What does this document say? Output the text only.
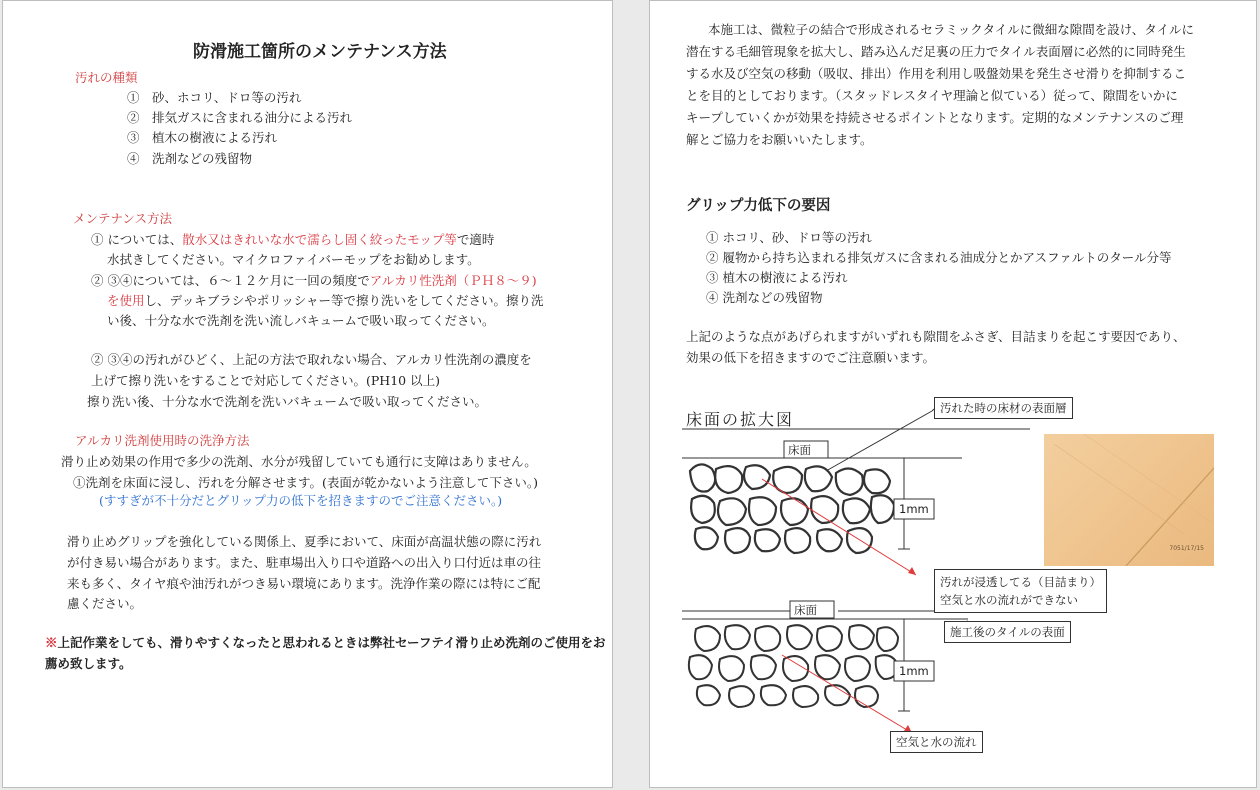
防滑施工箇所のメンテナンス方法
汚れの種類
①　砂、ホコリ、ドロ等の汚れ
②　排気ガスに含まれる油分による汚れ
③　植木の樹液による汚れ
④　洗剤などの残留物
メンテナンス方法
① については、散水又はきれいな水で濡らし固く絞ったモップ等で適時
水拭きしてください。マイクロファイバーモップをお勧めします。
② ③④については、６～１２ケ月に一回の頻度でアルカリ性洗剤（ＰＨ８～９)
を使用し、デッキブラシやポリッシャー等で擦り洗いをしてください。擦り洗
い後、十分な水で洗剤を洗い流しバキュームで吸い取ってください。
② ③④の汚れがひどく、上記の方法で取れない場合、アルカリ性洗剤の濃度を
上げて擦り洗いをすることで対応してください。(PH10 以上)
擦り洗い後、十分な水で洗剤を洗いバキュームで吸い取ってください。
アルカリ洗剤使用時の洗浄方法
滑り止め効果の作用で多少の洗剤、水分が残留していても通行に支障はありません。
①洗剤を床面に浸し、汚れを分解させます。(表面が乾かないよう注意して下さい。)
(すすぎが不十分だとグリップ力の低下を招きますのでご注意ください。)
滑り止めグリップを強化している関係上、夏季において、床面が高温状態の際に汚れ
が付き易い場合があります。また、駐車場出入り口や道路への出入り口付近は車の往
来も多く、タイヤ痕や油汚れがつき易い環境にあります。洗浄作業の際には特にご配
慮ください。
※上記作業をしても、滑りやすくなったと思われるときは弊社セーフテイ滑り止め洗剤のご使用をお
薦め致します。
本施工は、微粒子の結合で形成されるセラミックタイルに微細な隙間を設け、タイルに
潜在する毛細管現象を拡大し、踏み込んだ足裏の圧力でタイル表面層に必然的に同時発生
する水及び空気の移動（吸収、排出）作用を利用し吸盤効果を発生させ滑りを抑制するこ
とを目的としております。（スタッドレスタイヤ理論と似ている）従って、隙間をいかに
キープしていくかが効果を持続させるポイントとなります。定期的なメンテナンスのご理
解とご協力をお願いいたします。
グリップ力低下の要因
① ホコリ、砂、ドロ等の汚れ
② 履物から持ち込まれる排気ガスに含まれる油成分とかアスファルトのタール分等
③ 植木の樹液による汚れ
④ 洗剤などの残留物
上記のような点があげられますがいずれも隙間をふさぎ、目詰まりを起こす要因であり、
効果の低下を招きますのでご注意願います。
床面の拡大図
床面
床面
1mm
1mm
汚れた時の床材の表面層
汚れが浸透してる（目詰まり）
空気と水の流れができない
施工後のタイルの表面
空気と水の流れ
7051/17/15
